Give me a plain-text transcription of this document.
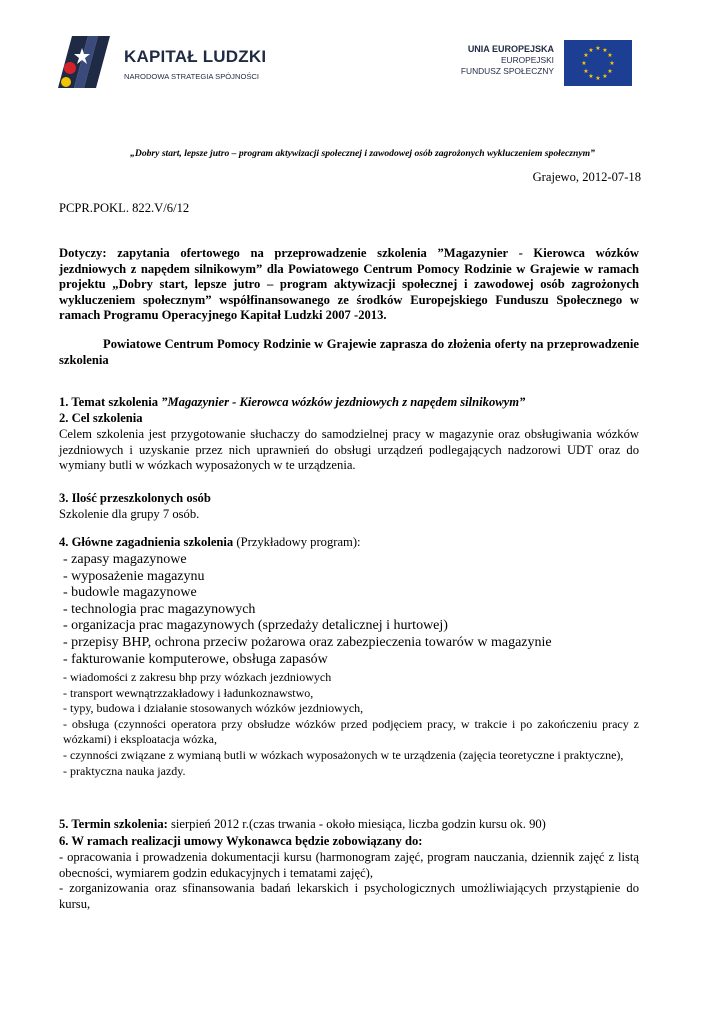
KAPITAŁ LUDZKI
NARODOWA STRATEGIA SPÓJNOŚCI
UNIA EUROPEJSKA
EUROPEJSKI
FUNDUSZ SPOŁECZNY
★ ★
★
★
★
★
★
★
★
★
★
★
„Dobry start, lepsze jutro – program aktywizacji społecznej i zawodowej osób zagrożonych wykluczeniem społecznym”
Grajewo, 2012-07-18
PCPR.POKL. 822.V/6/12
Dotyczy: zapytania ofertowego na przeprowadzenie szkolenia ”Magazynier - Kierowca wózków jezdniowych z napędem silnikowym” dla Powiatowego Centrum Pomocy Rodzinie w Grajewie w ramach projektu „Dobry start, lepsze jutro – program aktywizacji społecznej i zawodowej osób zagrożonych wykluczeniem społecznym” współfinansowanego ze środków Europejskiego Funduszu Społecznego w ramach Programu Operacyjnego Kapitał Ludzki 2007 -2013.
Powiatowe Centrum Pomocy Rodzinie w Grajewie zaprasza do złożenia oferty na przeprowadzenie szkolenia
1. Temat szkolenia ”Magazynier - Kierowca wózków jezdniowych z napędem silnikowym”
2. Cel szkolenia
Celem szkolenia jest przygotowanie słuchaczy do samodzielnej pracy w magazynie oraz obsługiwania wózków jezdniowych i uzyskanie przez nich uprawnień do obsługi urządzeń podlegających nadzorowi UDT oraz do wymiany butli w wózkach wyposażonych w te urządzenia.
3. Ilość przeszkolonych osób
Szkolenie dla grupy 7 osób.
4. Główne zagadnienia szkolenia (Przykładowy program):
- zapasy magazynowe
- wyposażenie magazynu
- budowle magazynowe
- technologia prac magazynowych
- organizacja prac magazynowych (sprzedaży detalicznej i hurtowej)
- przepisy BHP, ochrona przeciw pożarowa oraz zabezpieczenia towarów w magazynie
- fakturowanie komputerowe, obsługa zapasów
- wiadomości z zakresu bhp przy wózkach jezdniowych
- transport wewnątrzzakładowy i ładunkoznawstwo,
- typy, budowa i działanie stosowanych wózków jezdniowych,
- obsługa (czynności operatora przy obsłudze wózków przed podjęciem pracy, w trakcie i po zakończeniu pracy z wózkami) i eksploatacja wózka,
- czynności związane z wymianą butli w wózkach wyposażonych w te urządzenia (zajęcia teoretyczne i praktyczne),
- praktyczna nauka jazdy.
5. Termin szkolenia: sierpień 2012 r.(czas trwania - około miesiąca, liczba godzin kursu ok. 90)
6. W ramach realizacji umowy Wykonawca będzie zobowiązany do:
- opracowania i prowadzenia dokumentacji kursu (harmonogram zajęć, program nauczania, dziennik zajęć z listą obecności, wymiarem godzin edukacyjnych i tematami zajęć),
- zorganizowania oraz sfinansowania badań lekarskich i psychologicznych umożliwiających przystąpienie do kursu,
